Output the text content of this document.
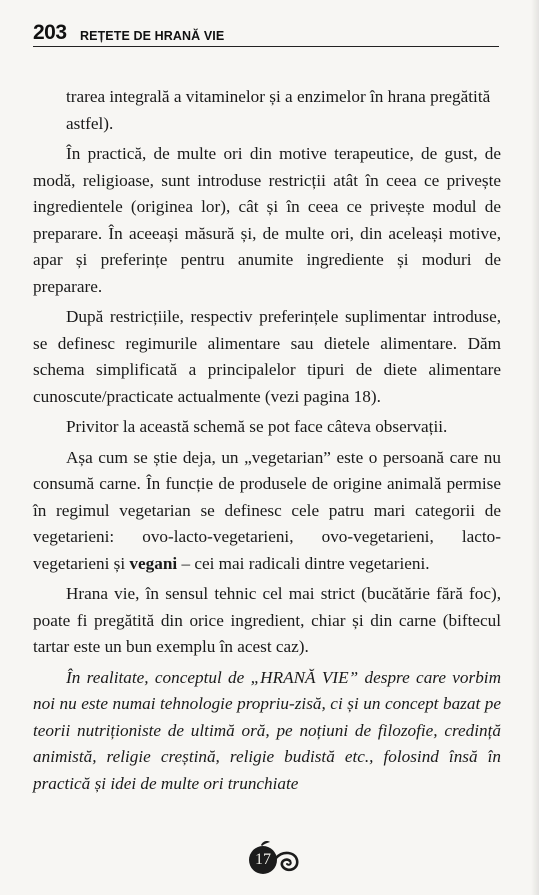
203 REȚETE DE HRANĂ VIE

trarea integrală a vitaminelor și a enzimelor în hrana pregătită astfel).

În practică, de multe ori din motive terapeutice, de gust, de modă, religioase, sunt introduse restricții atât în ceea ce privește ingredientele (originea lor), cât și în ceea ce privește modul de preparare. În aceeași măsură și, de multe ori, din aceleași motive, apar și preferințe pentru anumite ingrediente și moduri de preparare.

După restricțiile, respectiv preferințele suplimentar introduse, se definesc regimurile alimentare sau dietele alimentare. Dăm schema simplificată a principalelor tipuri de diete alimentare cunoscute/practicate actualmente (vezi pagina 18).

Privitor la această schemă se pot face câteva observații.

Așa cum se știe deja, un „vegetarian” este o persoană care nu consumă carne. În funcție de produsele de origine animală permise în regimul vegetarian se definesc cele patru mari categorii de vegetarieni: ovo-lacto-vegetarieni, ovo-vegetarieni, lacto-vegetarieni și vegani – cei mai radicali dintre vegetarieni.

Hrana vie, în sensul tehnic cel mai strict (bucătărie fără foc), poate fi pregătită din orice ingredient, chiar și din carne (biftecul tartar este un bun exemplu în acest caz).

În realitate, conceptul de „HRANĂ VIE” despre care vorbim noi nu este numai tehnologie propriu-zisă, ci și un concept bazat pe teorii nutriționiste de ultimă oră, pe noțiuni de filozofie, credință animistă, religie creștină, religie budistă etc., folosind însă în practică și idei de multe ori trunchiate

17
